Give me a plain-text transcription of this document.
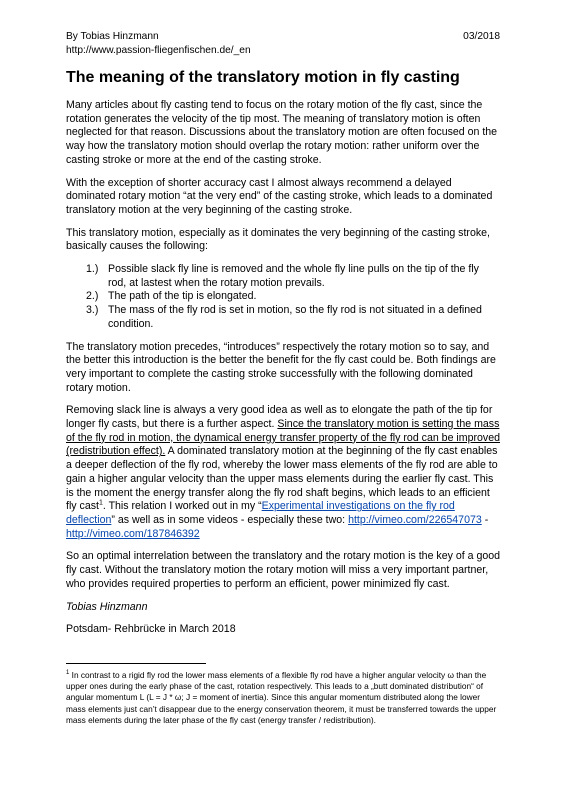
By Tobias Hinzmann
http://www.passion-fliegenfischen.de/_en
03/2018
The meaning of the translatory motion in fly casting

Many articles about fly casting tend to focus on the rotary motion of the fly cast, since the rotation generates the velocity of the tip most. The meaning of translatory motion is often neglected for that reason. Discussions about the translatory motion are often focused on the way how the translatory motion should overlap the rotary motion: rather uniform over the casting stroke or more at the end of the casting stroke.

With the exception of shorter accuracy cast I almost always recommend a delayed dominated rotary motion “at the very end” of the casting stroke, which leads to a dominated translatory motion at the very beginning of the casting stroke.

This translatory motion, especially as it dominates the very beginning of the casting stroke, basically causes the following:

1.) Possible slack fly line is removed and the whole fly line pulls on the tip of the fly rod, at lastest when the rotary motion prevails.
2.) The path of the tip is elongated.
3.) The mass of the fly rod is set in motion, so the fly rod is not situated in a defined condition.

The translatory motion precedes, “introduces” respectively the rotary motion so to say, and the better this introduction is the better the benefit for the fly cast could be. Both findings are very important to complete the casting stroke successfully with the following dominated rotary motion.

Removing slack line is always a very good idea as well as to elongate the path of the tip for longer fly casts, but there is a further aspect. Since the translatory motion is setting the mass of the fly rod in motion, the dynamical energy transfer property of the fly rod can be improved (redistribution effect). A dominated translatory motion at the beginning of the fly cast enables a deeper deflection of the fly rod, whereby the lower mass elements of the fly rod are able to gain a higher angular velocity than the upper mass elements during the earlier fly cast. This is the moment the energy transfer along the fly rod shaft begins, which leads to an efficient fly cast$^1$. This relation I worked out in my “Experimental investigations on the fly rod deflection” as well as in some videos - especially these two: http://vimeo.com/226547073 - http://vimeo.com/187846392

So an optimal interrelation between the translatory and the rotary motion is the key of a good fly cast. Without the translatory motion the rotary motion will miss a very important partner, who provides required properties to perform an efficient, power minimized fly cast.

Tobias Hinzmann

Potsdam- Rehbrücke in March 2018

$^1$ In contrast to a rigid fly rod the lower mass elements of a flexible fly rod have a higher angular velocity ω than the upper ones during the early phase of the cast, rotation respectively. This leads to a „butt dominated distribution“ of angular momentum L (L = J * ω; J = moment of inertia). Since this angular momentum distributed along the lower mass elements just can’t disappear due to the energy conservation theorem, it must be transferred towards the upper mass elements during the later phase of the fly cast (energy transfer / redistribution).
